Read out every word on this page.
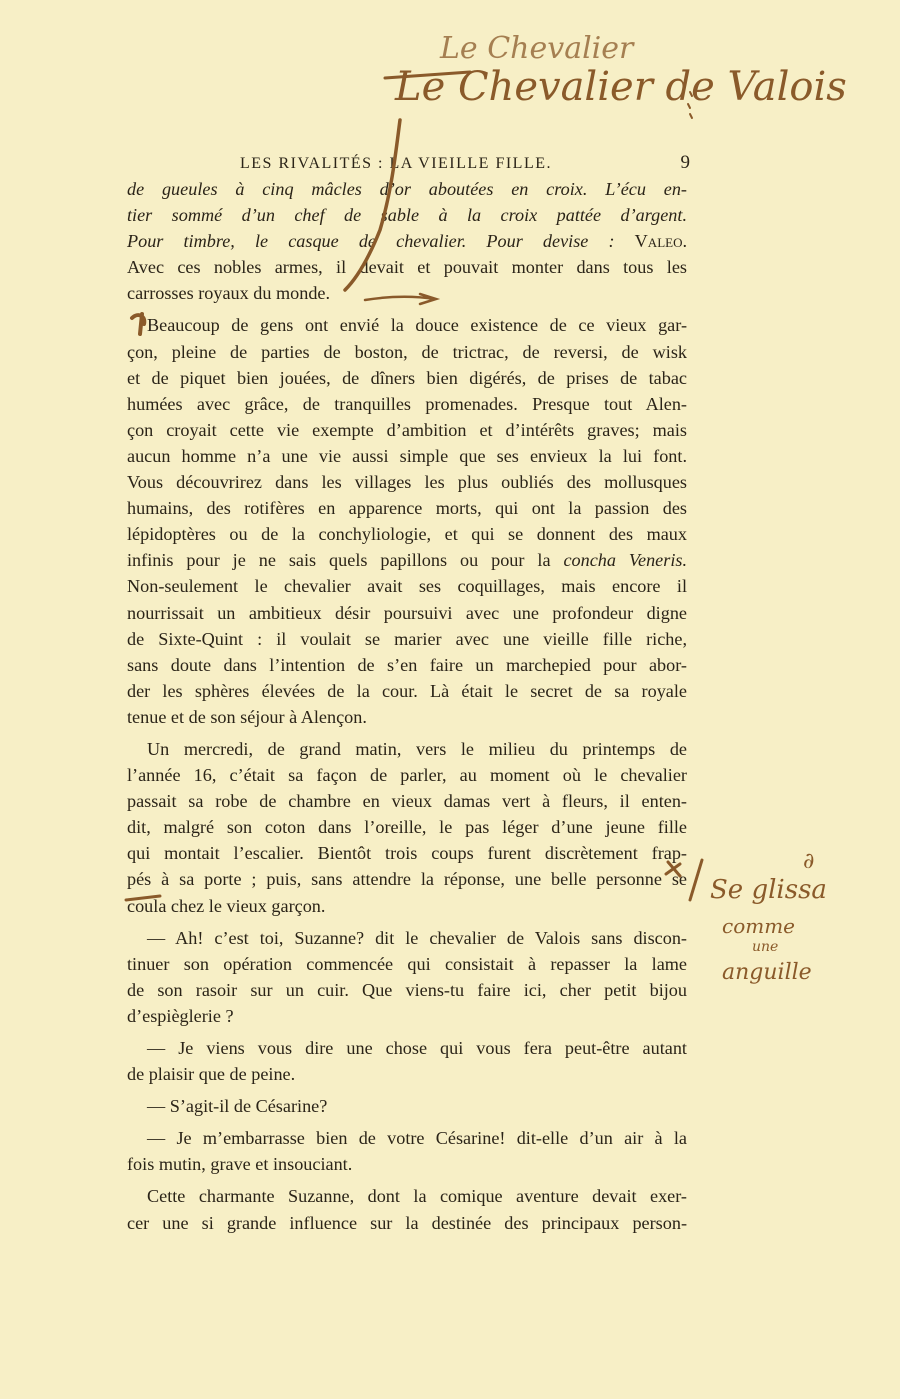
LES RIVALITÉS : LA VIEILLE FILLE.	9

de gueules à cinq mâcles d’or aboutées en croix. L’écu en-

tier sommé d’un chef de sable à la croix pattée d’argent.

Pour timbre, le casque de chevalier. Pour devise : Valeo.

Avec ces nobles armes, il devait et pouvait monter dans tous les

carrosses royaux du monde.

Beaucoup de gens ont envié la douce existence de ce vieux gar-

çon, pleine de parties de boston, de trictrac, de reversi, de wisk

et de piquet bien jouées, de dîners bien digérés, de prises de tabac

humées avec grâce, de tranquilles promenades. Presque tout Alen-

çon croyait cette vie exempte d’ambition et d’intérêts graves; mais

aucun homme n’a une vie aussi simple que ses envieux la lui font.

Vous découvrirez dans les villages les plus oubliés des mollusques

humains, des rotifères en apparence morts, qui ont la passion des

lépidoptères ou de la conchyliologie, et qui se donnent des maux

infinis pour je ne sais quels papillons ou pour la concha Veneris.

Non-seulement le chevalier avait ses coquillages, mais encore il

nourrissait un ambitieux désir poursuivi avec une profondeur digne

de Sixte-Quint : il voulait se marier avec une vieille fille riche,

sans doute dans l’intention de s’en faire un marchepied pour abor-

der les sphères élevées de la cour. Là était le secret de sa royale

tenue et de son séjour à Alençon.

Un mercredi, de grand matin, vers le milieu du printemps de

l’année 16, c’était sa façon de parler, au moment où le chevalier

passait sa robe de chambre en vieux damas vert à fleurs, il enten-

dit, malgré son coton dans l’oreille, le pas léger d’une jeune fille

qui montait l’escalier. Bientôt trois coups furent discrètement frap-

pés à sa porte ; puis, sans attendre la réponse, une belle personne se

coula chez le vieux garçon.

— Ah! c’est toi, Suzanne? dit le chevalier de Valois sans discon-

tinuer son opération commencée qui consistait à repasser la lame

de son rasoir sur un cuir. Que viens-tu faire ici, cher petit bijou

d’espièglerie ?

— Je viens vous dire une chose qui vous fera peut-être autant

de plaisir que de peine.

— S’agit-il de Césarine?

— Je m’embarrasse bien de votre Césarine! dit-elle d’un air à la

fois mutin, grave et insouciant.

Cette charmante Suzanne, dont la comique aventure devait exer-

cer une si grande influence sur la destinée des principaux person-

Le Chevalier
Le Chevalier de Valois
∂
Se glissa
comme
une
anguille
